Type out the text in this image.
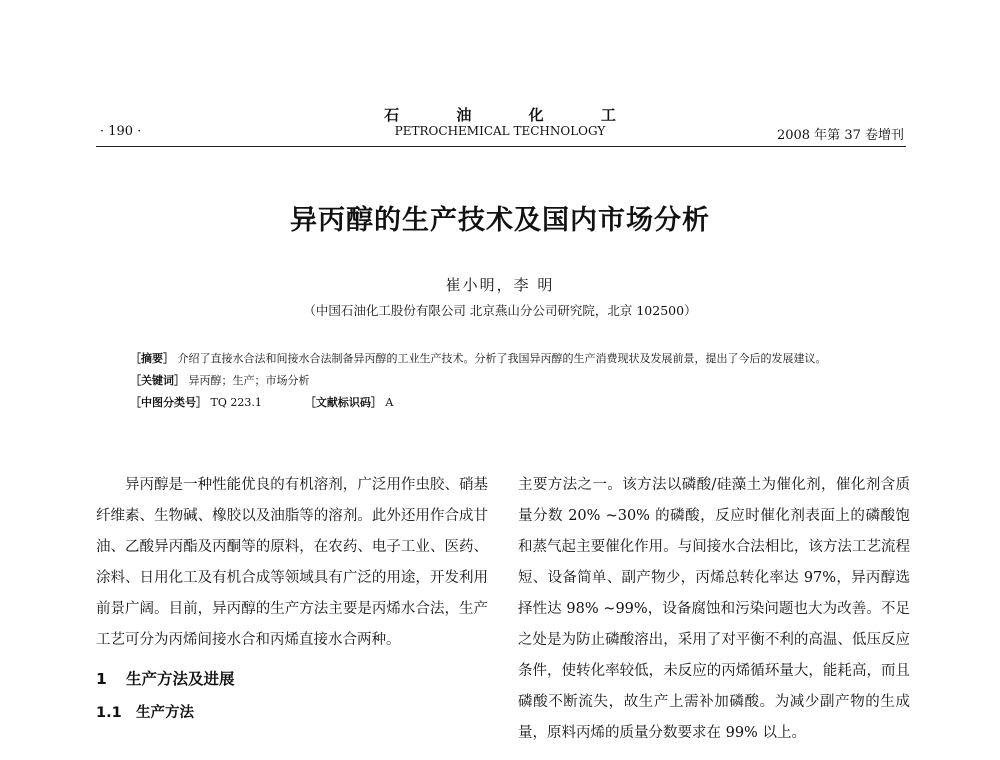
石 油 化 工
· 190 ·	PETROCHEMICAL TECHNOLOGY	2008 年第 37 卷增刊
异丙醇的生产技术及国内市场分析
崔小明，李 明
（中国石油化工股份有限公司 北京燕山分公司研究院，北京 102500）
［摘要］ 介绍了直接水合法和间接水合法制备异丙醇的工业生产技术。分析了我国异丙醇的生产消费现状及发展前景，提出了今后的发展建议。
［关键词］ 异丙醇；生产；市场分析
［中图分类号］ TQ 223.1	［文献标识码］ A

异丙醇是一种性能优良的有机溶剂，广泛用作虫胶、硝基纤维素、生物碱、橡胶以及油脂等的溶剂。此外还用作合成甘油、乙酸异丙酯及丙酮等的原料，在农药、电子工业、医药、涂料、日用化工及有机合成等领域具有广泛的用途，开发利用前景广阔。目前，异丙醇的生产方法主要是丙烯水合法，生产工艺可分为丙烯间接水合和丙烯直接水合两种。

1 生产方法及进展
1.1 生产方法

主要方法之一。该方法以磷酸/硅藻土为催化剂，催化剂含质量分数 20% ~30% 的磷酸，反应时催化剂表面上的磷酸饱和蒸气起主要催化作用。与间接水合法相比，该方法工艺流程短、设备简单、副产物少，丙烯总转化率达 97%，异丙醇选择性达 98% ~99%，设备腐蚀和污染问题也大为改善。不足之处是为防止磷酸溶出，采用了对平衡不利的高温、低压反应条件，使转化率较低，未反应的丙烯循环量大，能耗高，而且磷酸不断流失，故生产上需补加磷酸。为减少副产物的生成量，原料丙烯的质量分数要求在 99% 以上。
